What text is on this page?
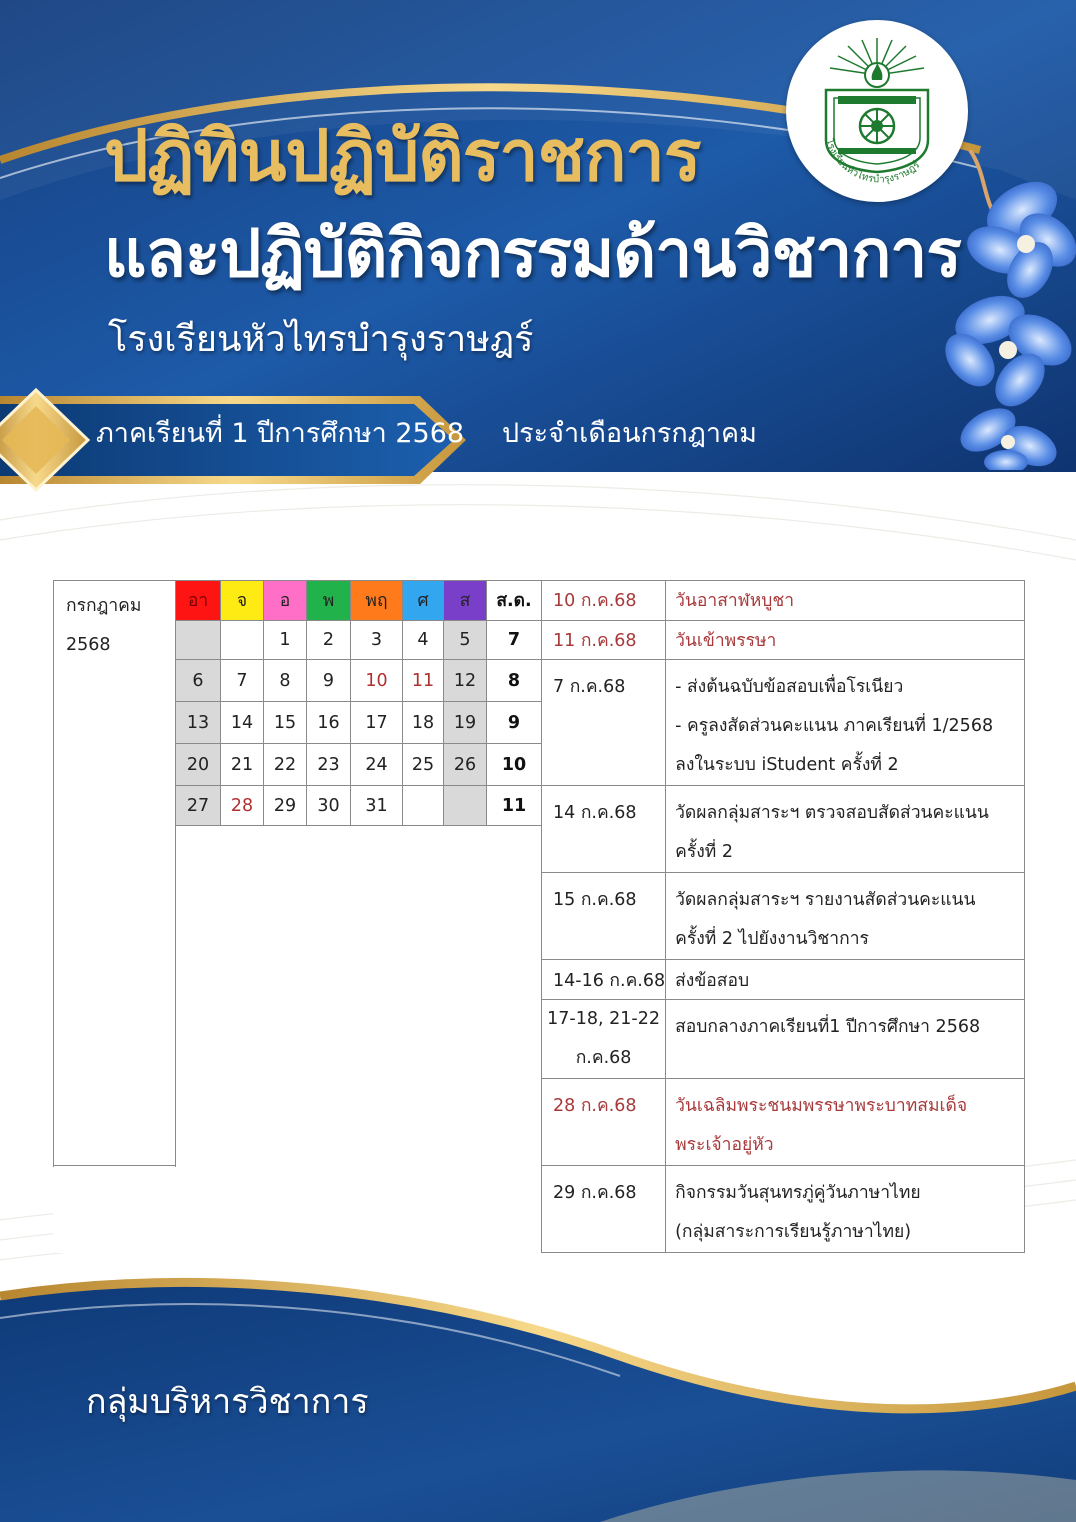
ปฏิทินปฏิบัติราชการ
และปฏิบัติกิจกรรมด้านวิชาการ
โรงเรียนหัวไทรบำรุงราษฎร์
ภาคเรียนที่ 1 ปีการศึกษา 2568 ประจำเดือนกรกฎาคม
โรงเรียนหัวไทรบำรุงราษฎร์
กรกฎาคม
2568	อา	จ	อ	พ	พฤ	ศ	ส	ส.ด.	10 ก.ค.68	วันอาสาฬหบูชา
			1	2	3	4	5	7	11 ก.ค.68	วันเข้าพรรษา
	6	7	8	9	10	11	12	8	7 ก.ค.68	- ส่งต้นฉบับข้อสอบเพื่อโรเนียว
- ครูลงสัดส่วนคะแนน ภาคเรียนที่ 1/2568
ลงในระบบ iStudent ครั้งที่ 2

	13	14	15	16	17	18	19	9		
	20	21	22	23	24	25	26	10		
	27	28	29	30	31			11	14 ก.ค.68	วัดผลกลุ่มสาระฯ ตรวจสอบสัดส่วนคะแนน
ครั้งที่ 2

									15 ก.ค.68	วัดผลกลุ่มสาระฯ รายงานสัดส่วนคะแนน
ครั้งที่ 2 ไปยังงานวิชาการ

									14-16 ก.ค.68	ส่งข้อสอบ

									17-18, 21-22
ก.ค.68	สอบกลางภาคเรียนที่1 ปีการศึกษา 2568

									28 ก.ค.68	วันเฉลิมพระชนมพรรษาพระบาทสมเด็จ
พระเจ้าอยู่หัว

									29 ก.ค.68	กิจกรรมวันสุนทรภู่คู่วันภาษาไทย
(กลุ่มสาระการเรียนรู้ภาษาไทย)

กลุ่มบริหารวิชาการ
